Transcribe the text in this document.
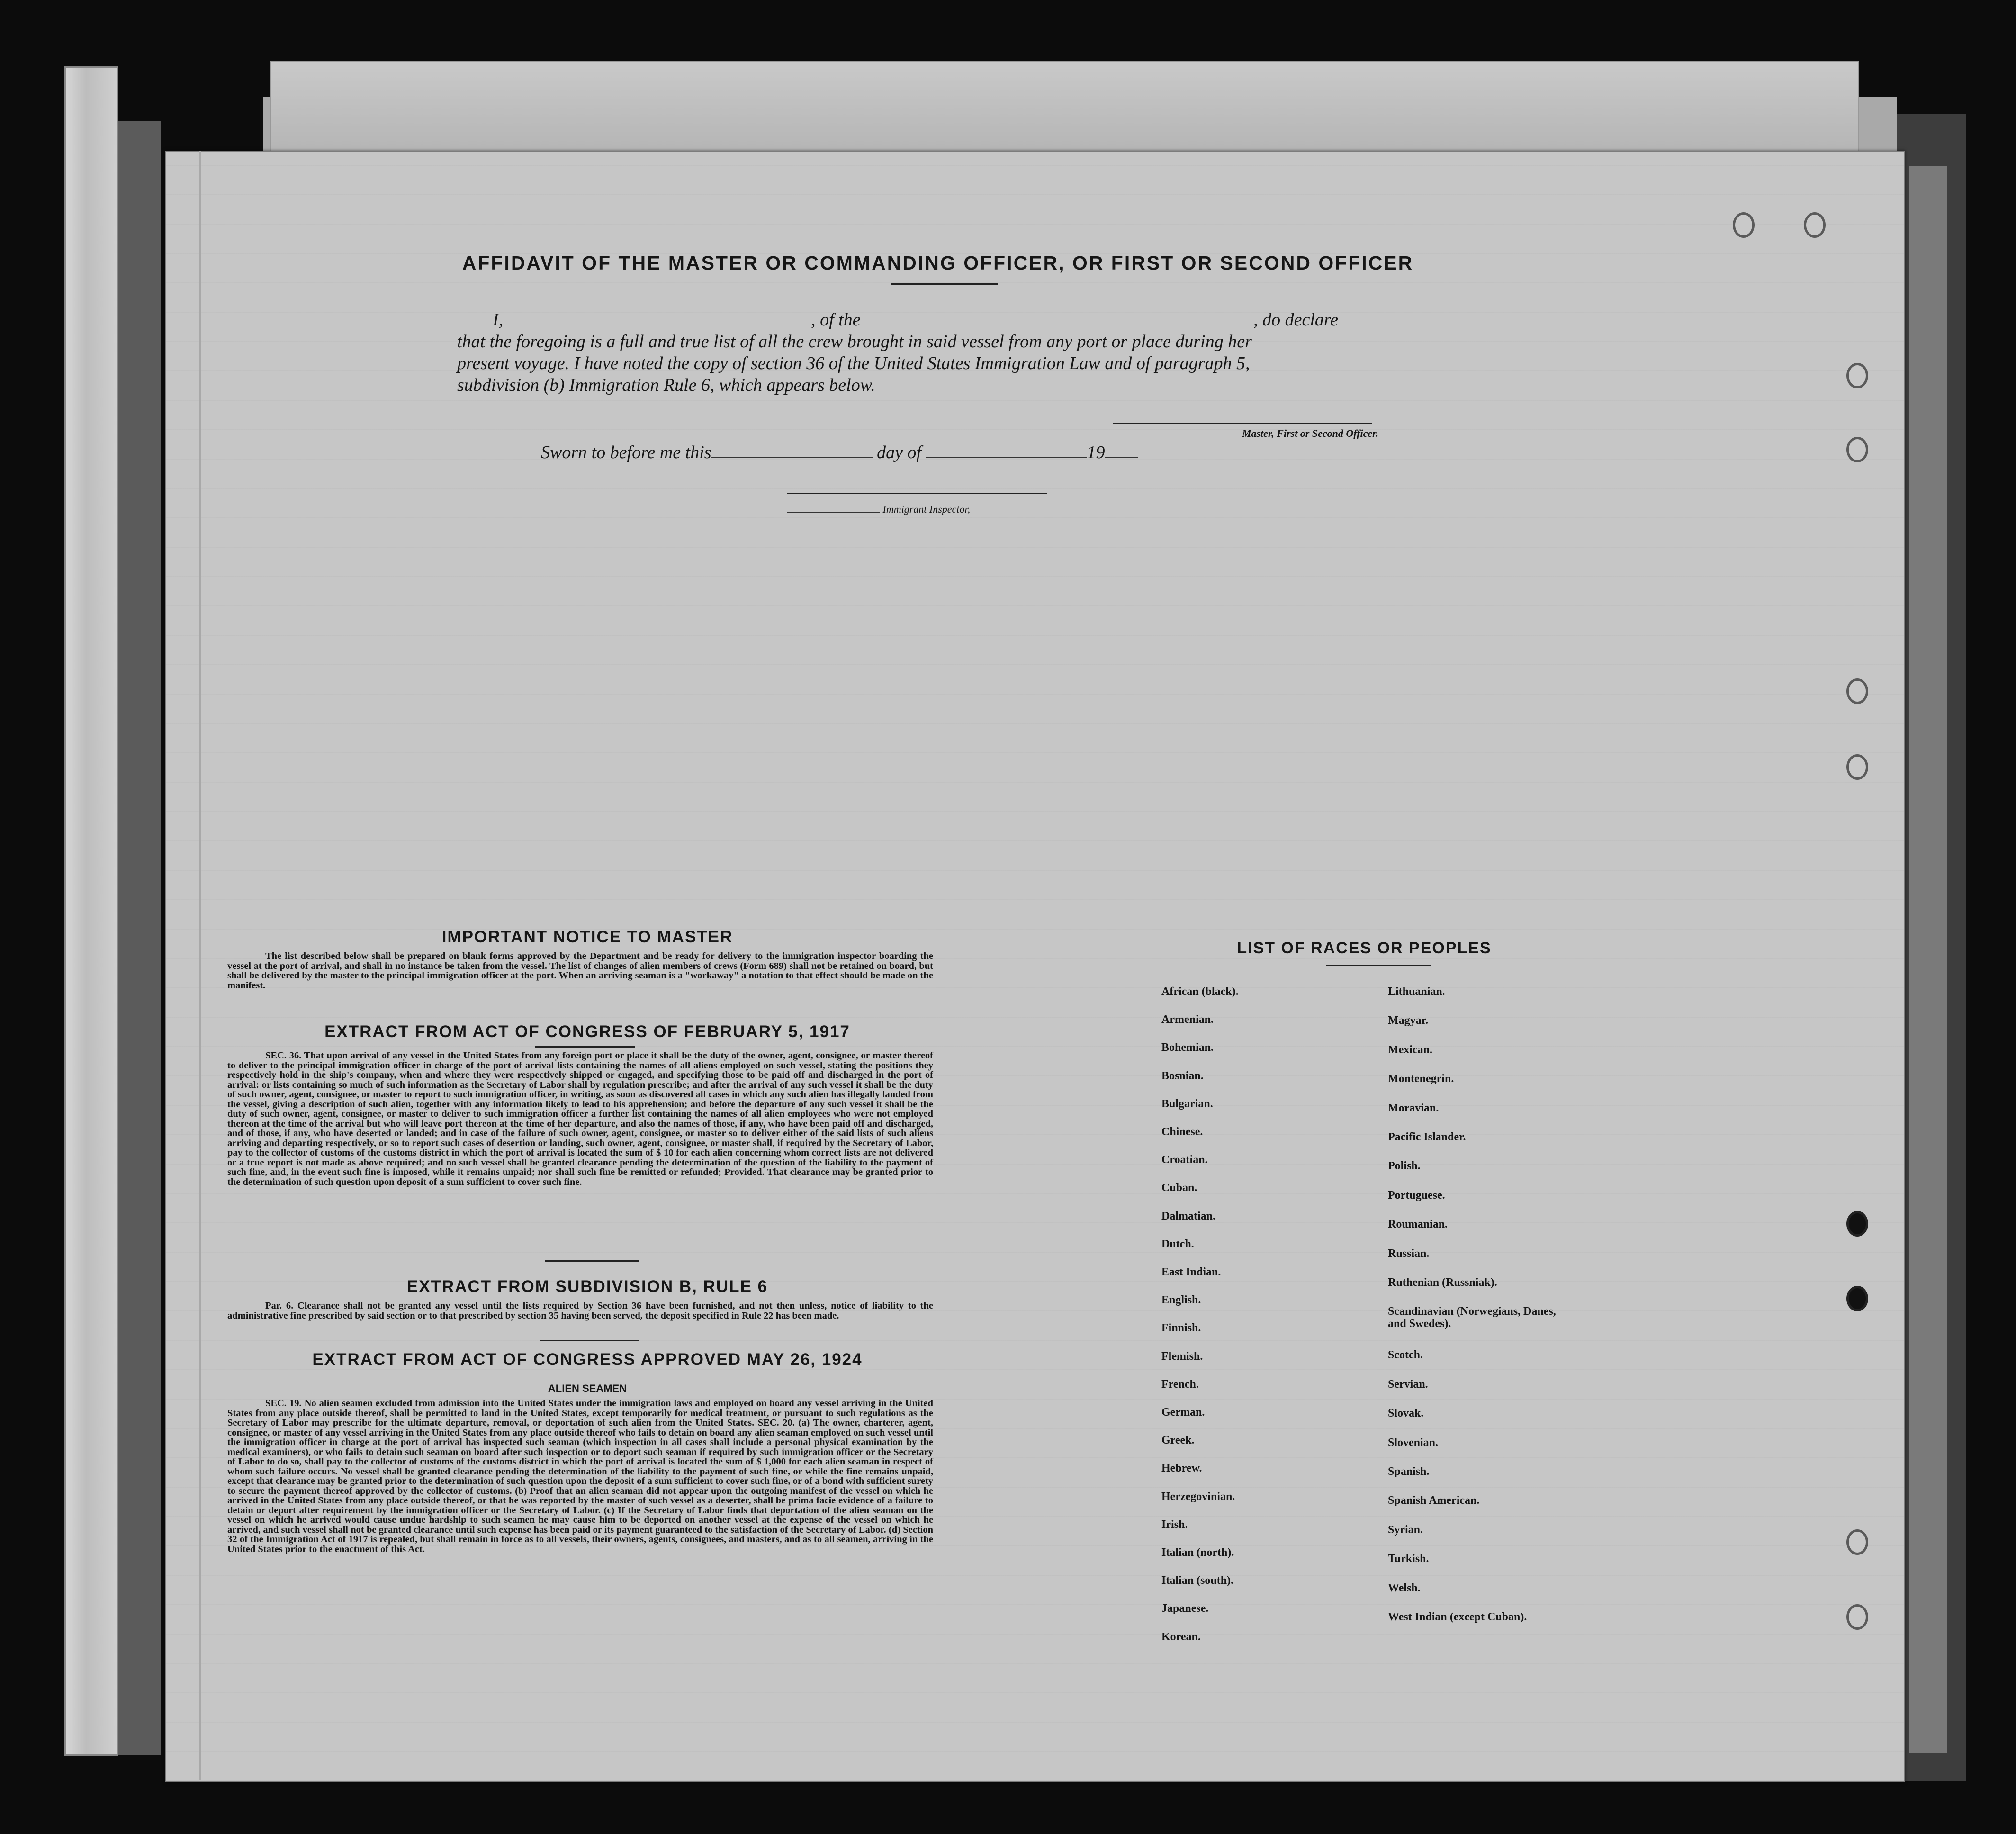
AFFIDAVIT OF THE MASTER OR COMMANDING OFFICER, OR FIRST OR SECOND OFFICER
I,	, of the	, do declare
that the foregoing is a full and true list of all the crew brought in said vessel from any port or place during her
present voyage. I have noted the copy of section 36 of the United States Immigration Law and of paragraph 5,
subdivision (b) Immigration Rule 6, which appears below.
Master, First or Second Officer.
Sworn to before me this	day of	19
Immigrant Inspector,
IMPORTANT NOTICE TO MASTER
The list described below shall be prepared on blank forms approved by the Department and be ready for delivery to the immigration inspector boarding the vessel at the port of arrival, and shall in no instance be taken from the vessel. The list of changes of alien members of crews (Form 689) shall not be retained on board, but shall be delivered by the master to the principal immigration officer at the port. When an arriving seaman is a "workaway" a notation to that effect should be made on the manifest.
EXTRACT FROM ACT OF CONGRESS OF FEBRUARY 5, 1917
SEC. 36. That upon arrival of any vessel in the United States from any foreign port or place it shall be the duty of the owner, agent, consignee, or master thereof to deliver to the principal immigration officer in charge of the port of arrival lists containing the names of all aliens employed on such vessel, stating the positions they respectively hold in the ship's company, when and where they were respectively shipped or engaged, and specifying those to be paid off and discharged in the port of arrival: or lists containing so much of such information as the Secretary of Labor shall by regulation prescribe; and after the arrival of any such vessel it shall be the duty of such owner, agent, consignee, or master to report to such immigration officer, in writing, as soon as discovered all cases in which any such alien has illegally landed from the vessel, giving a description of such alien, together with any information likely to lead to his apprehension; and before the departure of any such vessel it shall be the duty of such owner, agent, consignee, or master to deliver to such immigration officer a further list containing the names of all alien employees who were not employed thereon at the time of the arrival but who will leave port thereon at the time of her departure, and also the names of those, if any, who have been paid off and discharged, and of those, if any, who have deserted or landed; and in case of the failure of such owner, agent, consignee, or master so to deliver either of the said lists of such aliens arriving and departing respectively, or so to report such cases of desertion or landing, such owner, agent, consignee, or master shall, if required by the Secretary of Labor, pay to the collector of customs of the customs district in which the port of arrival is located the sum of $ 10 for each alien concerning whom correct lists are not delivered or a true report is not made as above required; and no such vessel shall be granted clearance pending the determination of the question of the liability to the payment of such fine, and, in the event such fine is imposed, while it remains unpaid; nor shall such fine be remitted or refunded; Provided. That clearance may be granted prior to the determination of such question upon deposit of a sum sufficient to cover such fine.
EXTRACT FROM SUBDIVISION B, RULE 6
Par. 6. Clearance shall not be granted any vessel until the lists required by Section 36 have been furnished, and not then unless, notice of liability to the administrative fine prescribed by said section or to that prescribed by section 35 having been served, the deposit specified in Rule 22 has been made.
EXTRACT FROM ACT OF CONGRESS APPROVED MAY 26, 1924
ALIEN SEAMEN
SEC. 19. No alien seamen excluded from admission into the United States under the immigration laws and employed on board any vessel arriving in the United States from any place outside thereof, shall be permitted to land in the United States, except temporarily for medical treatment, or pursuant to such regulations as the Secretary of Labor may prescribe for the ultimate departure, removal, or deportation of such alien from the United States. SEC. 20. (a) The owner, charterer, agent, consignee, or master of any vessel arriving in the United States from any place outside thereof who fails to detain on board any alien seaman employed on such vessel until the immigration officer in charge at the port of arrival has inspected such seaman (which inspection in all cases shall include a personal physical examination by the medical examiners), or who fails to detain such seaman on board after such inspection or to deport such seaman if required by such immigration officer or the Secretary of Labor to do so, shall pay to the collector of customs of the customs district in which the port of arrival is located the sum of $ 1,000 for each alien seaman in respect of whom such failure occurs. No vessel shall be granted clearance pending the determination of the liability to the payment of such fine, or while the fine remains unpaid, except that clearance may be granted prior to the determination of such question upon the deposit of a sum sufficient to cover such fine, or of a bond with sufficient surety to secure the payment thereof approved by the collector of customs. (b) Proof that an alien seaman did not appear upon the outgoing manifest of the vessel on which he arrived in the United States from any place outside thereof, or that he was reported by the master of such vessel as a deserter, shall be prima facie evidence of a failure to detain or deport after requirement by the immigration officer or the Secretary of Labor. (c) If the Secretary of Labor finds that deportation of the alien seaman on the vessel on which he arrived would cause undue hardship to such seamen he may cause him to be deported on another vessel at the expense of the vessel on which he arrived, and such vessel shall not be granted clearance until such expense has been paid or its payment guaranteed to the satisfaction of the Secretary of Labor. (d) Section 32 of the Immigration Act of 1917 is repealed, but shall remain in force as to all vessels, their owners, agents, consignees, and masters, and as to all seamen, arriving in the United States prior to the enactment of this Act.
LIST OF RACES OR PEOPLES
African (black).
Armenian.
Bohemian.
Bosnian.
Bulgarian.
Chinese.
Croatian.
Cuban.
Dalmatian.
Dutch.
East Indian.
English.
Finnish.
Flemish.
French.
German.
Greek.
Hebrew.
Herzegovinian.
Irish.
Italian (north).
Italian (south).
Japanese.
Korean.
Lithuanian.
Magyar.
Mexican.
Montenegrin.
Moravian.
Pacific Islander.
Polish.
Portuguese.
Roumanian.
Russian.
Ruthenian (Russniak).
Scandinavian (Norwegians, Danes, and Swedes).
Scotch.
Servian.
Slovak.
Slovenian.
Spanish.
Spanish American.
Syrian.
Turkish.
Welsh.
West Indian (except Cuban).
